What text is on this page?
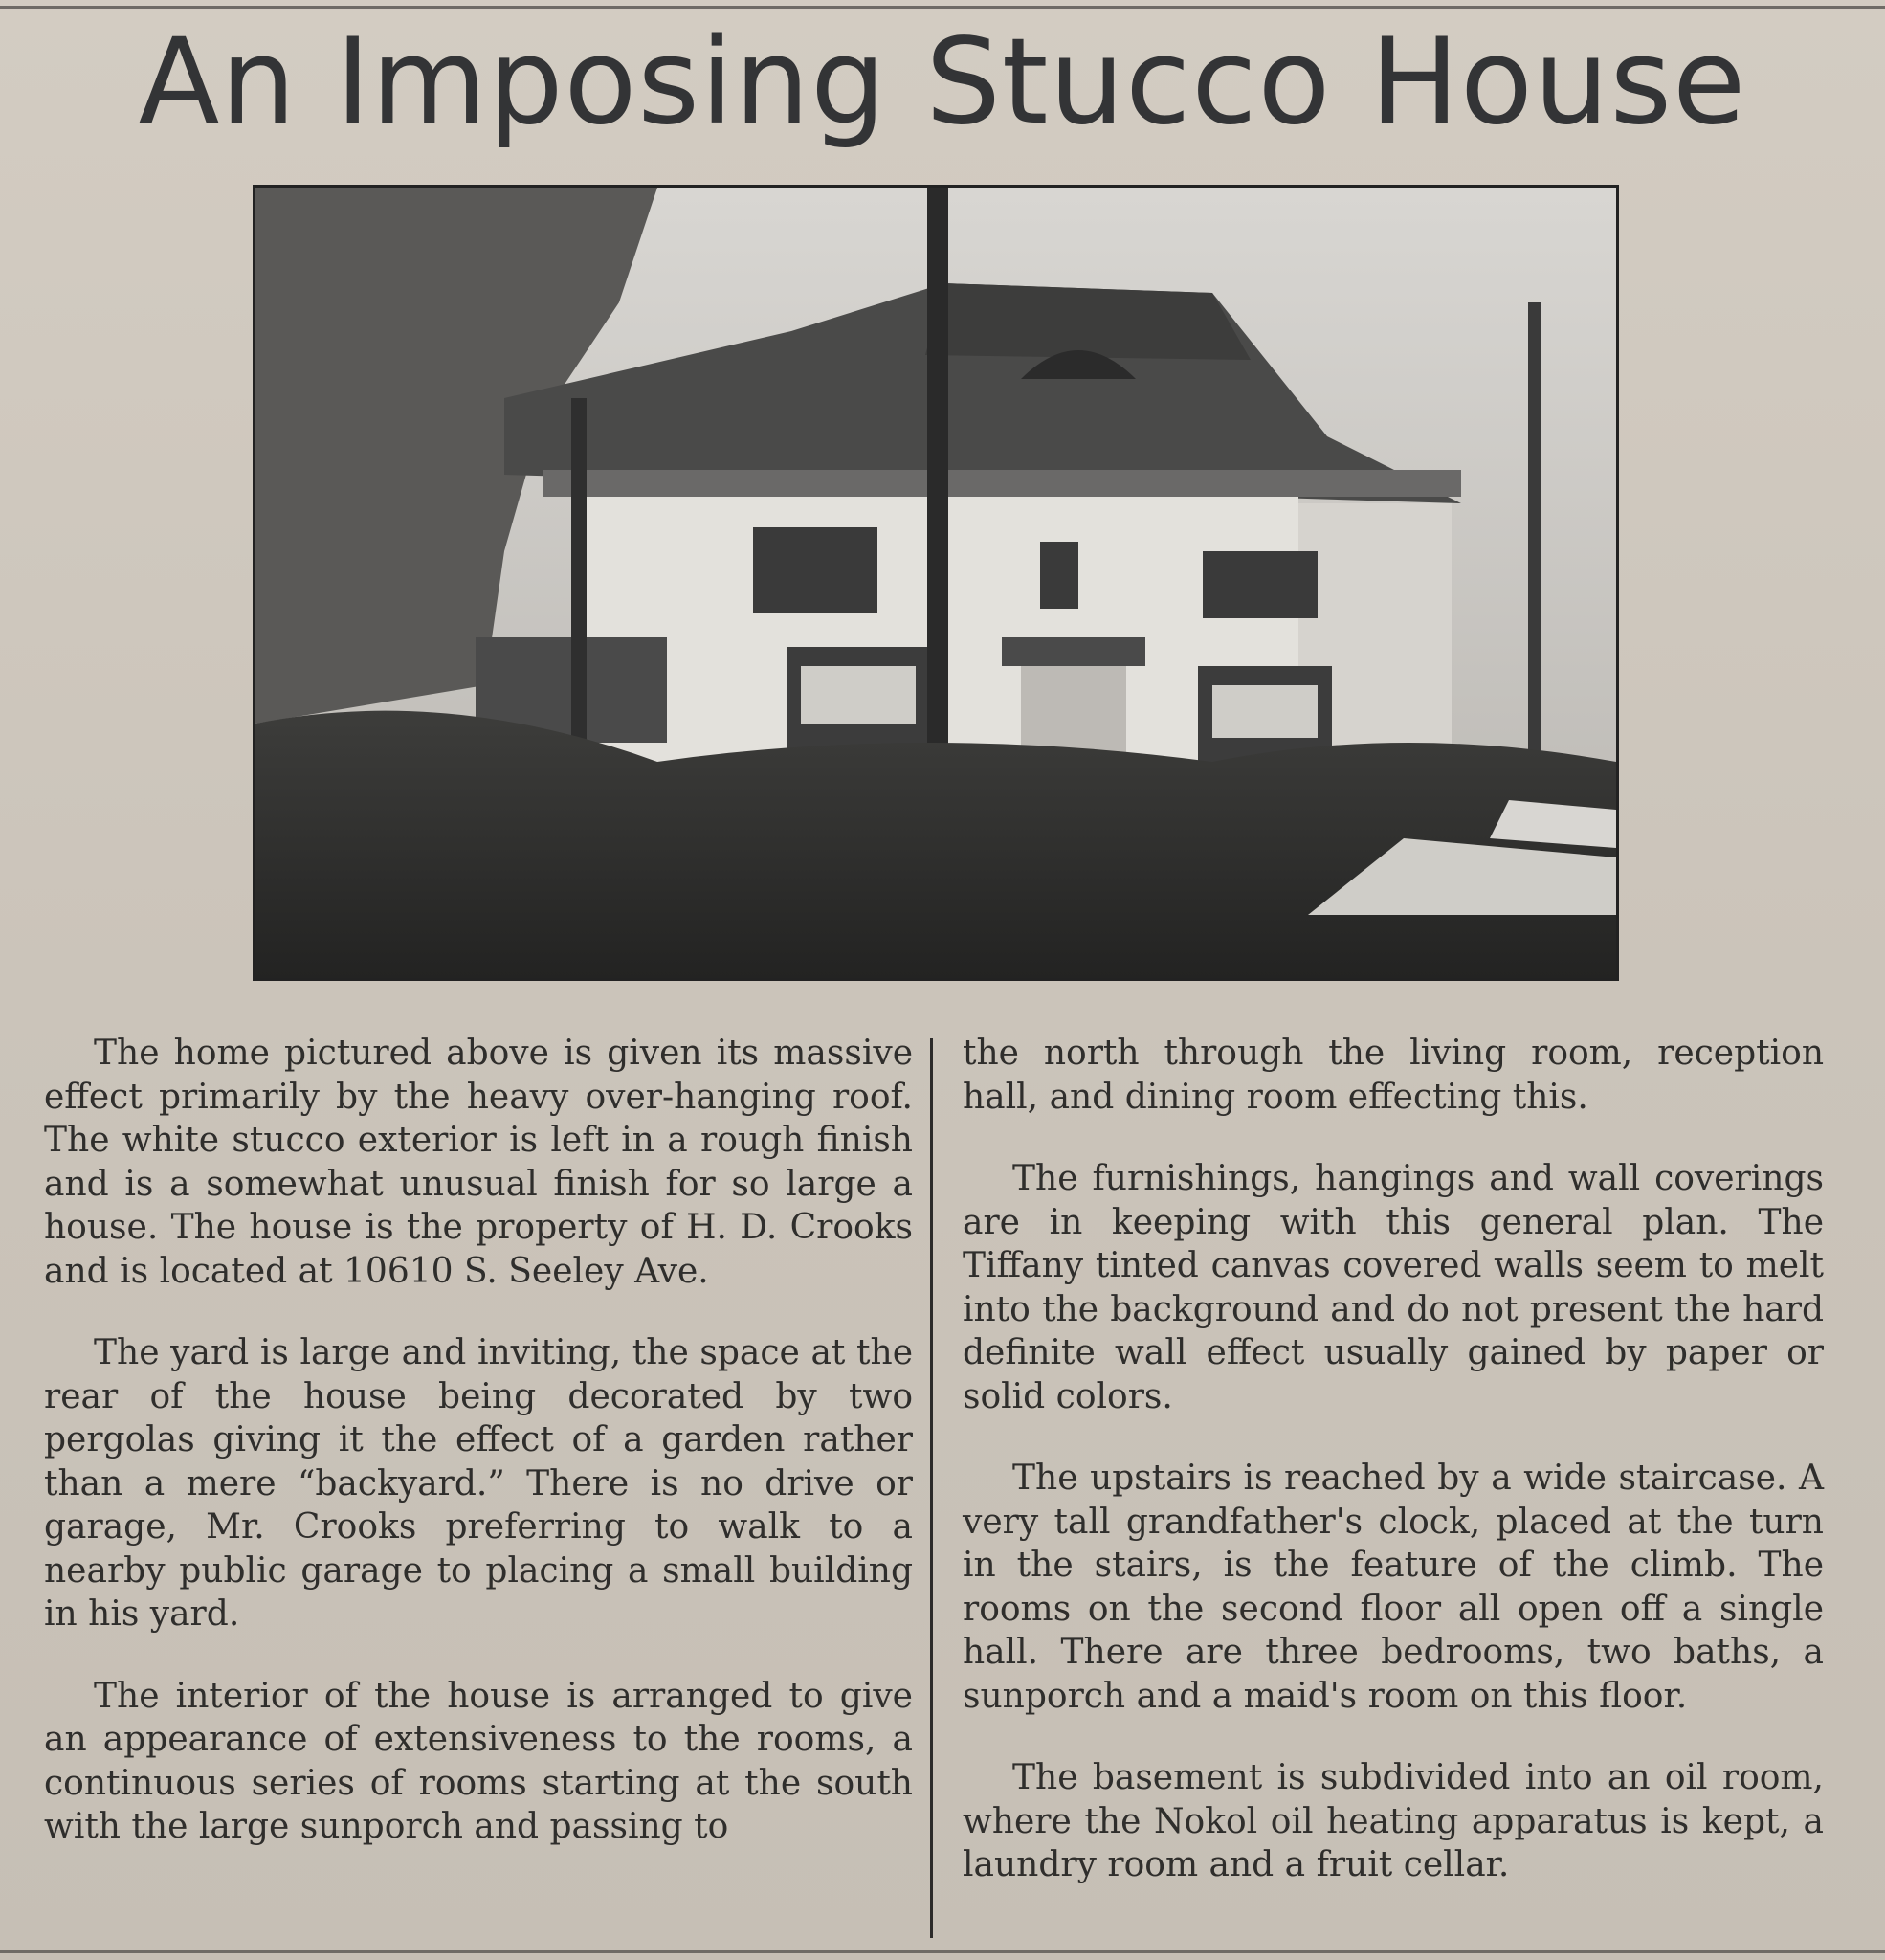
An Imposing Stucco House

The home pictured above is given its massive effect primarily by the heavy over-hanging roof. The white stucco exterior is left in a rough finish and is a somewhat unusual finish for so large a house. The house is the property of H. D. Crooks and is located at 10610 S. Seeley Ave.

The yard is large and inviting, the space at the rear of the house being decorated by two pergolas giving it the effect of a garden rather than a mere “backyard.” There is no drive or garage, Mr. Crooks preferring to walk to a nearby public garage to placing a small building in his yard.

The interior of the house is arranged to give an appearance of extensiveness to the rooms, a continuous series of rooms starting at the south with the large sunporch and passing to

the north through the living room, reception hall, and dining room effecting this.

The furnishings, hangings and wall coverings are in keeping with this general plan. The Tiffany tinted canvas covered walls seem to melt into the background and do not present the hard definite wall effect usually gained by paper or solid colors.

The upstairs is reached by a wide staircase. A very tall grandfather's clock, placed at the turn in the stairs, is the feature of the climb. The rooms on the second floor all open off a single hall. There are three bedrooms, two baths, a sunporch and a maid's room on this floor.

The basement is subdivided into an oil room, where the Nokol oil heating apparatus is kept, a laundry room and a fruit cellar.
